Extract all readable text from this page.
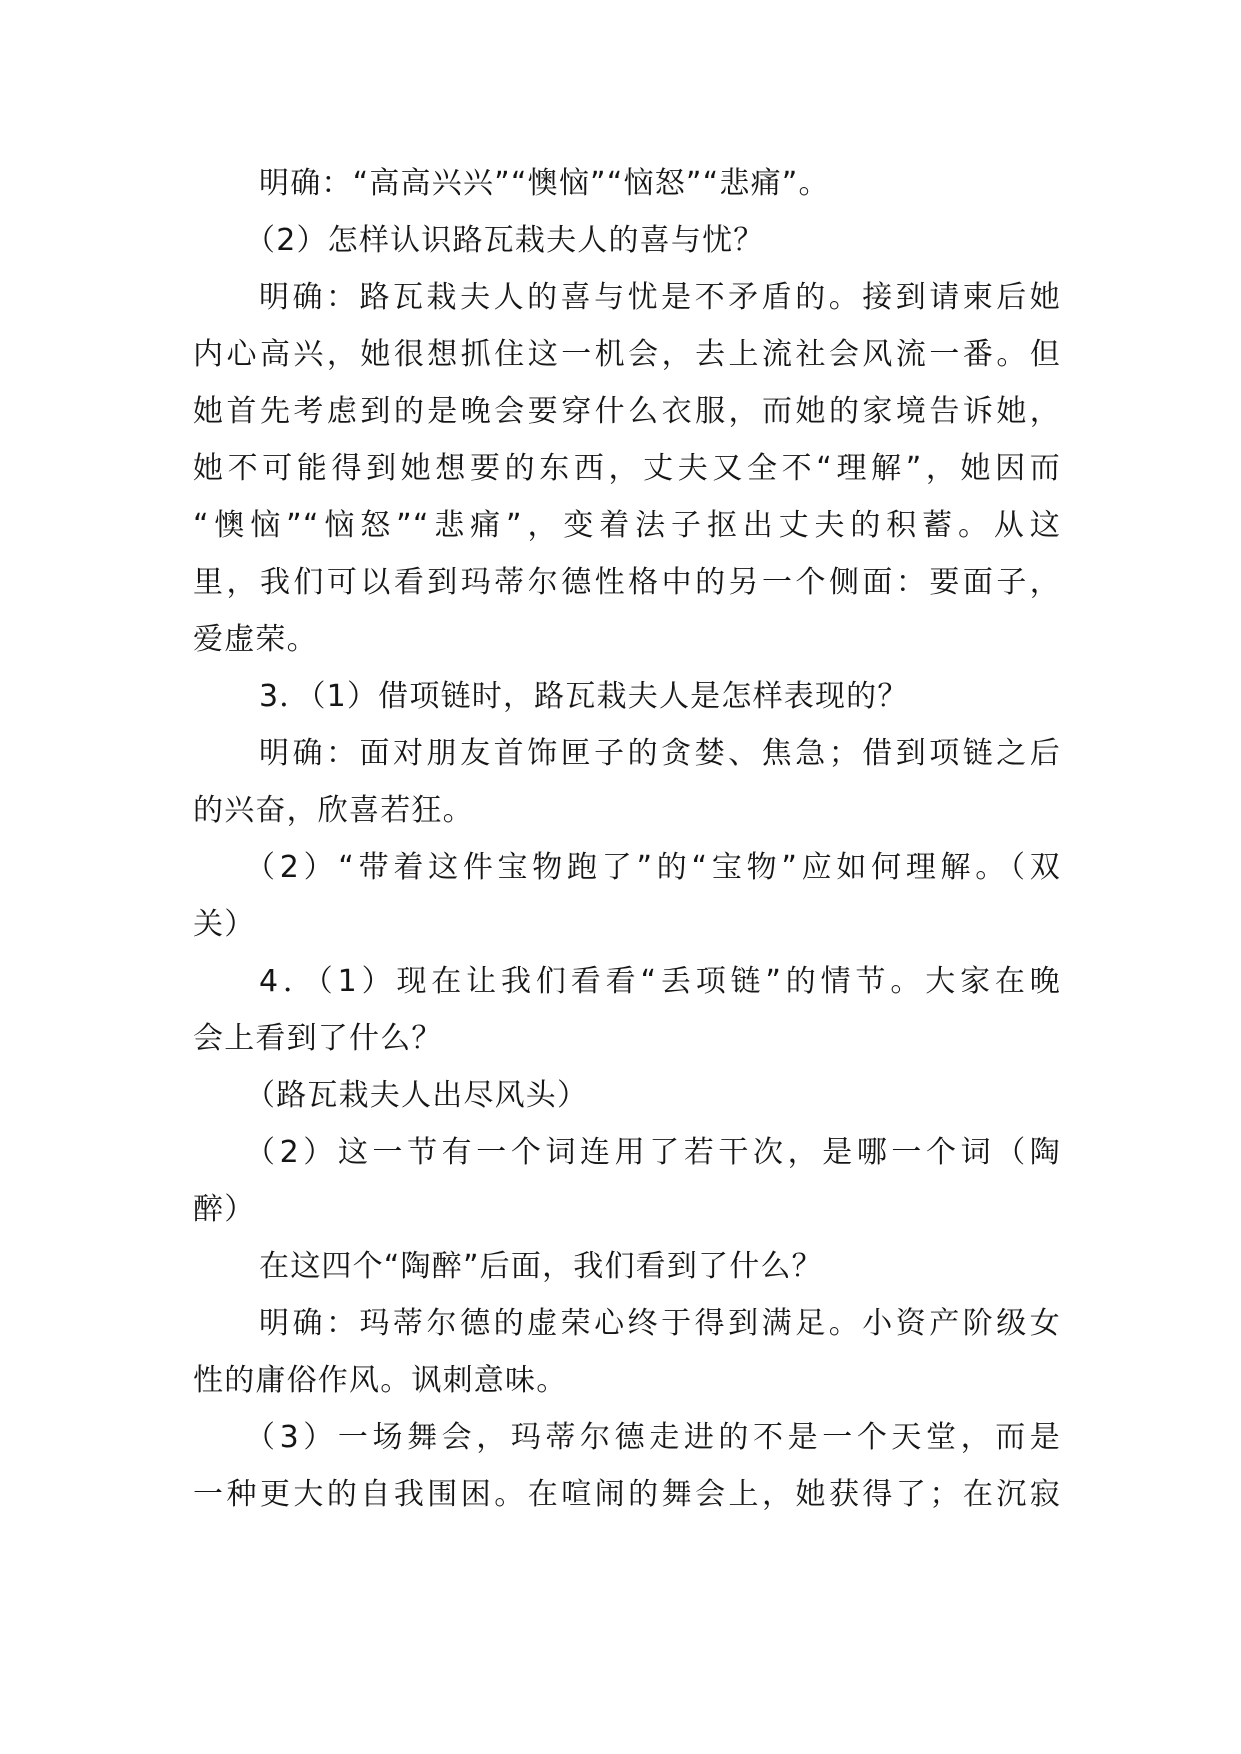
明确：“高高兴兴”“懊恼”“恼怒”“悲痛”。
（2）怎样认识路瓦栽夫人的喜与忧？
明确：路瓦栽夫人的喜与忧是不矛盾的。接到请柬后她
内心高兴，她很想抓住这一机会，去上流社会风流一番。但
她首先考虑到的是晚会要穿什么衣服，而她的家境告诉她，
她不可能得到她想要的东西，丈夫又全不“理解”，她因而
“懊恼”“恼怒”“悲痛”，变着法子抠出丈夫的积蓄。从这
里，我们可以看到玛蒂尔德性格中的另一个侧面：要面子，
爱虚荣。
3．（1）借项链时，路瓦栽夫人是怎样表现的？
明确：面对朋友首饰匣子的贪婪、焦急；借到项链之后
的兴奋，欣喜若狂。
（2）“带着这件宝物跑了”的“宝物”应如何理解。（双
关）
4．（1）现在让我们看看“丢项链”的情节。大家在晚
会上看到了什么？
（路瓦栽夫人出尽风头）
（2）这一节有一个词连用了若干次，是哪一个词（陶
醉）
在这四个“陶醉”后面，我们看到了什么？
明确：玛蒂尔德的虚荣心终于得到满足。小资产阶级女
性的庸俗作风。讽刺意味。
（3）一场舞会，玛蒂尔德走进的不是一个天堂，而是
一种更大的自我围困。在喧闹的舞会上，她获得了；在沉寂
